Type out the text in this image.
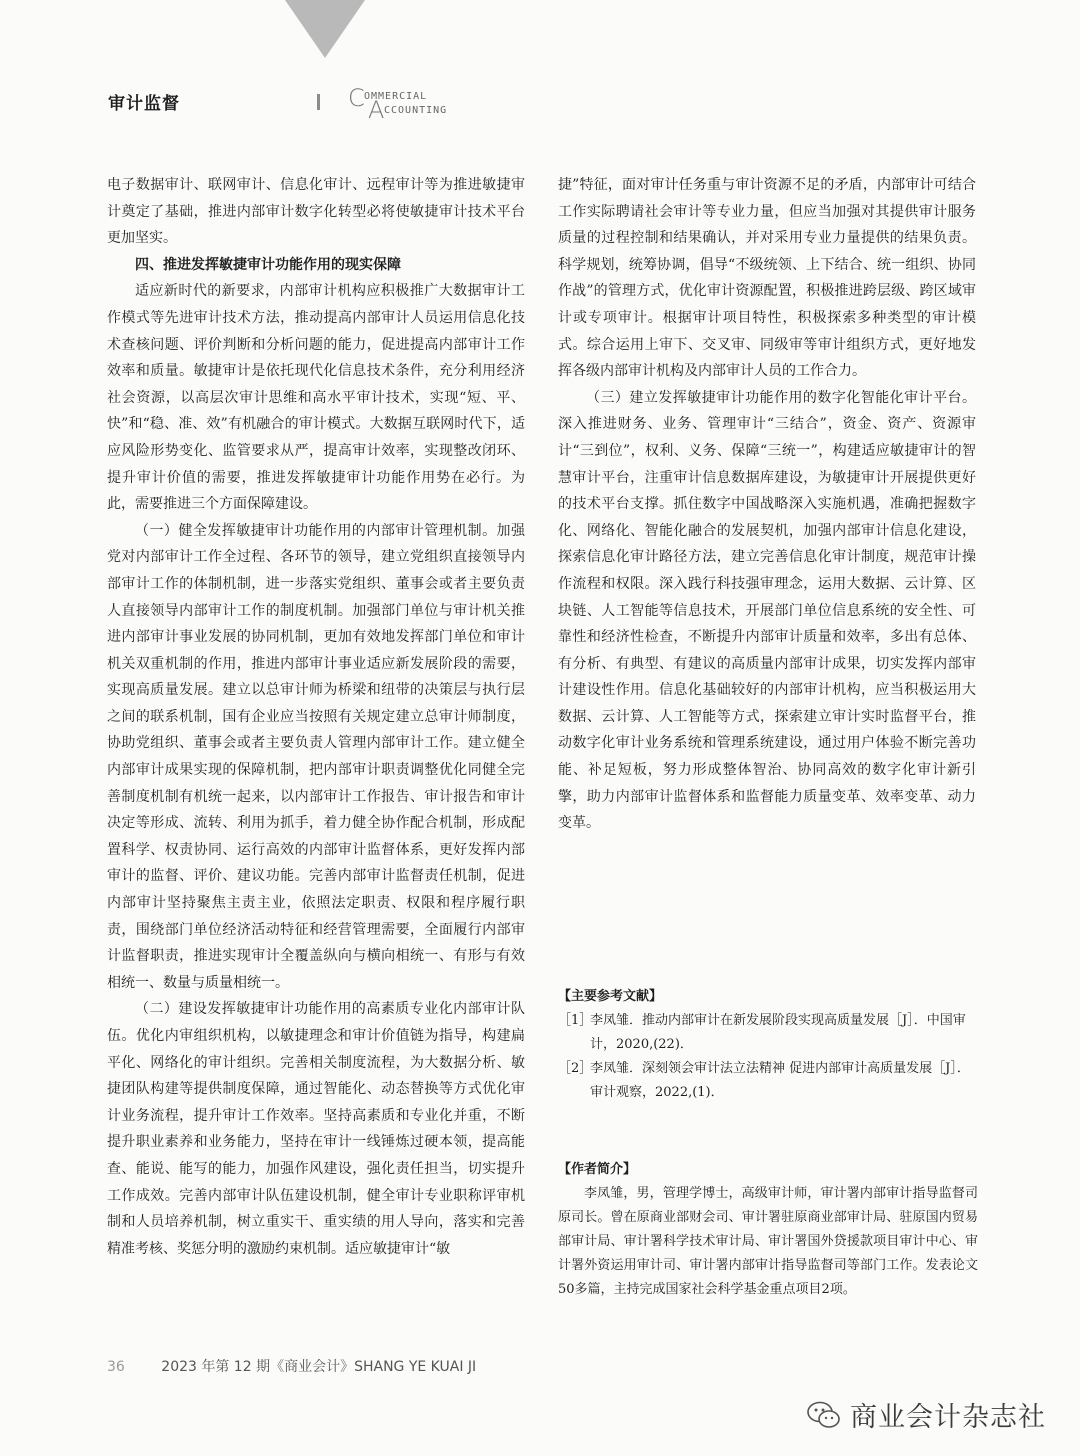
审计监督	C OMMERCIAL
A CCOUNTING

电子数据审计、联网审计、信息化审计、远程审计等为推进敏捷审计奠定了基础，推进内部审计数字化转型必将使敏捷审计技术平台更加坚实。

四、推进发挥敏捷审计功能作用的现实保障

适应新时代的新要求，内部审计机构应积极推广大数据审计工作模式等先进审计技术方法，推动提高内部审计人员运用信息化技术查核问题、评价判断和分析问题的能力，促进提高内部审计工作效率和质量。敏捷审计是依托现代化信息技术条件，充分利用经济社会资源，以高层次审计思维和高水平审计技术，实现“短、平、快”和“稳、准、效”有机融合的审计模式。大数据互联网时代下，适应风险形势变化、监管要求从严，提高审计效率，实现整改闭环、提升审计价值的需要，推进发挥敏捷审计功能作用势在必行。为此，需要推进三个方面保障建设。

（一）健全发挥敏捷审计功能作用的内部审计管理机制。加强党对内部审计工作全过程、各环节的领导，建立党组织直接领导内部审计工作的体制机制，进一步落实党组织、董事会或者主要负责人直接领导内部审计工作的制度机制。加强部门单位与审计机关推进内部审计事业发展的协同机制，更加有效地发挥部门单位和审计机关双重机制的作用，推进内部审计事业适应新发展阶段的需要，实现高质量发展。建立以总审计师为桥梁和纽带的决策层与执行层之间的联系机制，国有企业应当按照有关规定建立总审计师制度，协助党组织、董事会或者主要负责人管理内部审计工作。建立健全内部审计成果实现的保障机制，把内部审计职责调整优化同健全完善制度机制有机统一起来，以内部审计工作报告、审计报告和审计决定等形成、流转、利用为抓手，着力健全协作配合机制，形成配置科学、权责协同、运行高效的内部审计监督体系，更好发挥内部审计的监督、评价、建议功能。完善内部审计监督责任机制，促进内部审计坚持聚焦主责主业，依照法定职责、权限和程序履行职责，围绕部门单位经济活动特征和经营管理需要，全面履行内部审计监督职责，推进实现审计全覆盖纵向与横向相统一、有形与有效相统一、数量与质量相统一。

（二）建设发挥敏捷审计功能作用的高素质专业化内部审计队伍。优化内审组织机构，以敏捷理念和审计价值链为指导，构建扁平化、网络化的审计组织。完善相关制度流程，为大数据分析、敏捷团队构建等提供制度保障，通过智能化、动态替换等方式优化审计业务流程，提升审计工作效率。坚持高素质和专业化并重，不断提升职业素养和业务能力，坚持在审计一线锤炼过硬本领，提高能查、能说、能写的能力，加强作风建设，强化责任担当，切实提升工作成效。完善内部审计队伍建设机制，健全审计专业职称评审机制和人员培养机制，树立重实干、重实绩的用人导向，落实和完善精准考核、奖惩分明的激励约束机制。适应敏捷审计“敏

捷”特征，面对审计任务重与审计资源不足的矛盾，内部审计可结合工作实际聘请社会审计等专业力量，但应当加强对其提供审计服务质量的过程控制和结果确认，并对采用专业力量提供的结果负责。科学规划，统筹协调，倡导“不级统领、上下结合、统一组织、协同作战”的管理方式，优化审计资源配置，积极推进跨层级、跨区域审计或专项审计。根据审计项目特性，积极探索多种类型的审计模式。综合运用上审下、交叉审、同级审等审计组织方式，更好地发挥各级内部审计机构及内部审计人员的工作合力。

（三）建立发挥敏捷审计功能作用的数字化智能化审计平台。深入推进财务、业务、管理审计“三结合”，资金、资产、资源审计“三到位”，权利、义务、保障“三统一”，构建适应敏捷审计的智慧审计平台，注重审计信息数据库建设，为敏捷审计开展提供更好的技术平台支撑。抓住数字中国战略深入实施机遇，准确把握数字化、网络化、智能化融合的发展契机，加强内部审计信息化建设，探索信息化审计路径方法，建立完善信息化审计制度，规范审计操作流程和权限。深入践行科技强审理念，运用大数据、云计算、区块链、人工智能等信息技术，开展部门单位信息系统的安全性、可靠性和经济性检查，不断提升内部审计质量和效率，多出有总体、有分析、有典型、有建议的高质量内部审计成果，切实发挥内部审计建设性作用。信息化基础较好的内部审计机构，应当积极运用大数据、云计算、人工智能等方式，探索建立审计实时监督平台，推动数字化审计业务系统和管理系统建设，通过用户体验不断完善功能、补足短板，努力形成整体智治、协同高效的数字化审计新引擎，助力内部审计监督体系和监督能力质量变革、效率变革、动力变革。

【主要参考文献】
［1］
李凤雏．推动内部审计在新发展阶段实现高质量发展［J］．中国审计，2020,(22)．
［2］
李凤雏．深刻领会审计法立法精神 促进内部审计高质量发展［J］．审计观察，2022,(1)．
【作者简介】
李凤雏，男，管理学博士，高级审计师，审计署内部审计指导监督司原司长。曾在原商业部财会司、审计署驻原商业部审计局、驻原国内贸易部审计局、审计署科学技术审计局、审计署国外贷援款项目审计中心、审计署外资运用审计司、审计署内部审计指导监督司等部门工作。发表论文50多篇，主持完成国家社会科学基金重点项目2项。
36	2023 年第 12 期《商业会计》SHANG YE KUAI JI
商业会计杂志社
